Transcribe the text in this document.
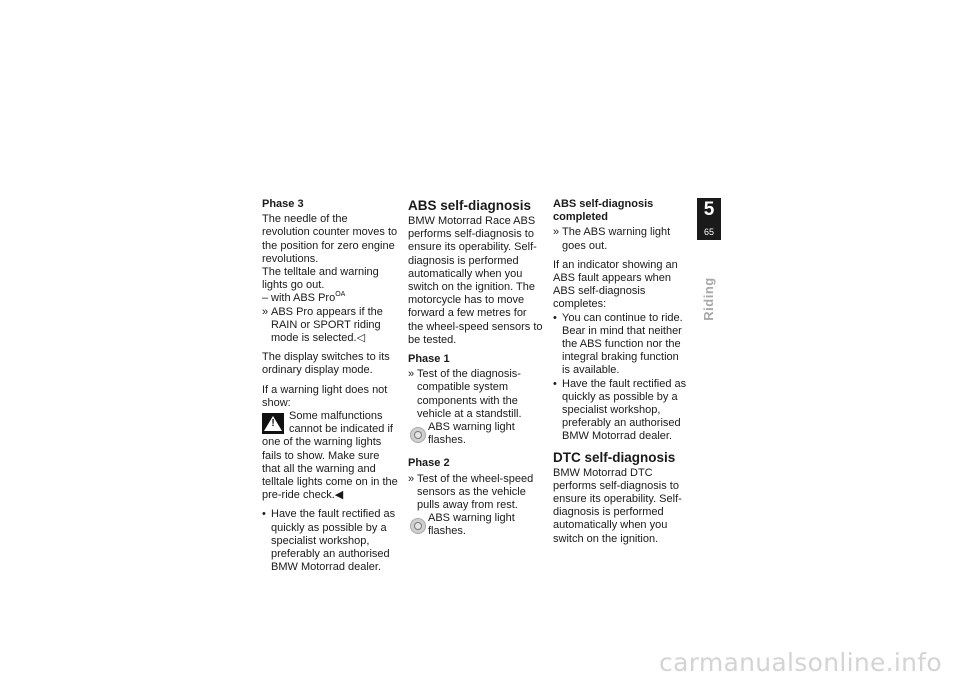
Phase 3

The needle of the revolution counter moves to the position for zero engine revolutions.

The telltale and warning lights go out.

– with ABS Pro$^{OA}$
» ABS Pro appears if the RAIN or SPORT riding mode is selected.◁

The display switches to its ordinary display mode.

If a warning light does not show:

!

Some malfunctions cannot be indicated if one of the warning lights fails to show. Make sure that all the warning and telltale lights come on in the pre-ride check.◀

• Have the fault rectified as quickly as possible by a specialist workshop, preferably an authorised BMW Motorrad dealer.
ABS self-diagnosis

BMW Motorrad Race ABS performs self-diagnosis to ensure its operability. Self-diagnosis is performed automatically when you switch on the ignition. The motorcycle has to move forward a few metres for the wheel-speed sensors to be tested.

Phase 1
» Test of the diagnosis-compatible system components with the vehicle at a standstill.
ABS warning light flashes.
Phase 2
» Test of the wheel-speed sensors as the vehicle pulls away from rest.
ABS warning light flashes.
ABS self-diagnosis completed
» The ABS warning light goes out.

If an indicator showing an ABS fault appears when ABS self-diagnosis completes:

• You can continue to ride. Bear in mind that neither the ABS function nor the integral braking function is available.
• Have the fault rectified as quickly as possible by a specialist workshop, preferably an authorised BMW Motorrad dealer.
DTC self-diagnosis

BMW Motorrad DTC performs self-diagnosis to ensure its operability. Self-diagnosis is performed automatically when you switch on the ignition.

5
65
Riding
carmanualsonline.info
